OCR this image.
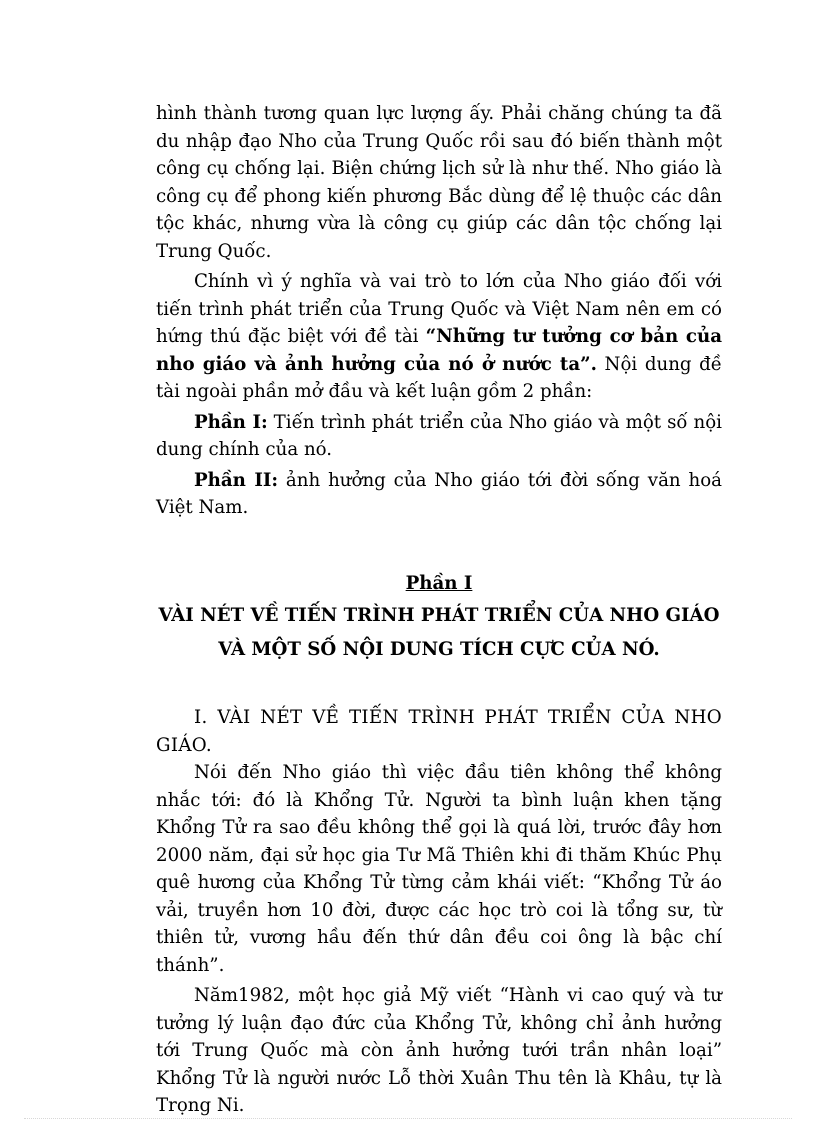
hình thành tương quan lực lượng ấy. Phải chăng chúng ta đã du nhập đạo Nho của Trung Quốc rồi sau đó biến thành một công cụ chống lại. Biện chứng lịch sử là như thế. Nho giáo là công cụ để phong kiến phương Bắc dùng để lệ thuộc các dân tộc khác, nhưng vừa là công cụ giúp các dân tộc chống lại Trung Quốc.

Chính vì ý nghĩa và vai trò to lớn của Nho giáo đối với tiến trình phát triển của Trung Quốc và Việt Nam nên em có hứng thú đặc biệt với đề tài “Những tư tưởng cơ bản của nho giáo và ảnh hưởng của nó ở nước ta”. Nội dung đề tài ngoài phần mở đầu và kết luận gồm 2 phần:

Phần I: Tiến trình phát triển của Nho giáo và một số nội dung chính của nó.

Phần II: ảnh hưởng của Nho giáo tới đời sống văn hoá Việt Nam.

Phần I

VÀI NÉT VỀ TIẾN TRÌNH PHÁT TRIỂN CỦA NHO GIÁO

VÀ MỘT SỐ NỘI DUNG TÍCH CỰC CỦA NÓ.

I. VÀI NÉT VỀ TIẾN TRÌNH PHÁT TRIỂN CỦA NHO GIÁO.

Nói đến Nho giáo thì việc đầu tiên không thể không nhắc tới: đó là Khổng Tử. Người ta bình luận khen tặng Khổng Tử ra sao đều không thể gọi là quá lời, trước đây hơn 2000 năm, đại sử học gia Tư Mã Thiên khi đi thăm Khúc Phụ quê hương của Khổng Tử từng cảm khái viết: “Khổng Tử áo vải, truyền hơn 10 đời, được các học trò coi là tổng sư, từ thiên tử, vương hầu đến thứ dân đều coi ông là bậc chí thánh”.

Năm1982, một học giả Mỹ viết “Hành vi cao quý và tư tưởng lý luận đạo đức của Khổng Tử, không chỉ ảnh hưởng tới Trung Quốc mà còn ảnh hưởng tưới trần nhân loại” Khổng Tử là người nước Lỗ thời Xuân Thu tên là Khâu, tự là Trọng Ni.
